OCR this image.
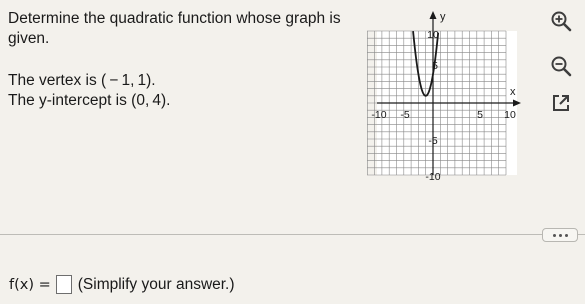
Determine the quadratic function whose graph is given.

The vertex is ( − 1, 1).

The y-intercept is (0, 4).

y
x
10
5
-5
-10
-10 -5	5 10
f(x) = (Simplify your answer.)
